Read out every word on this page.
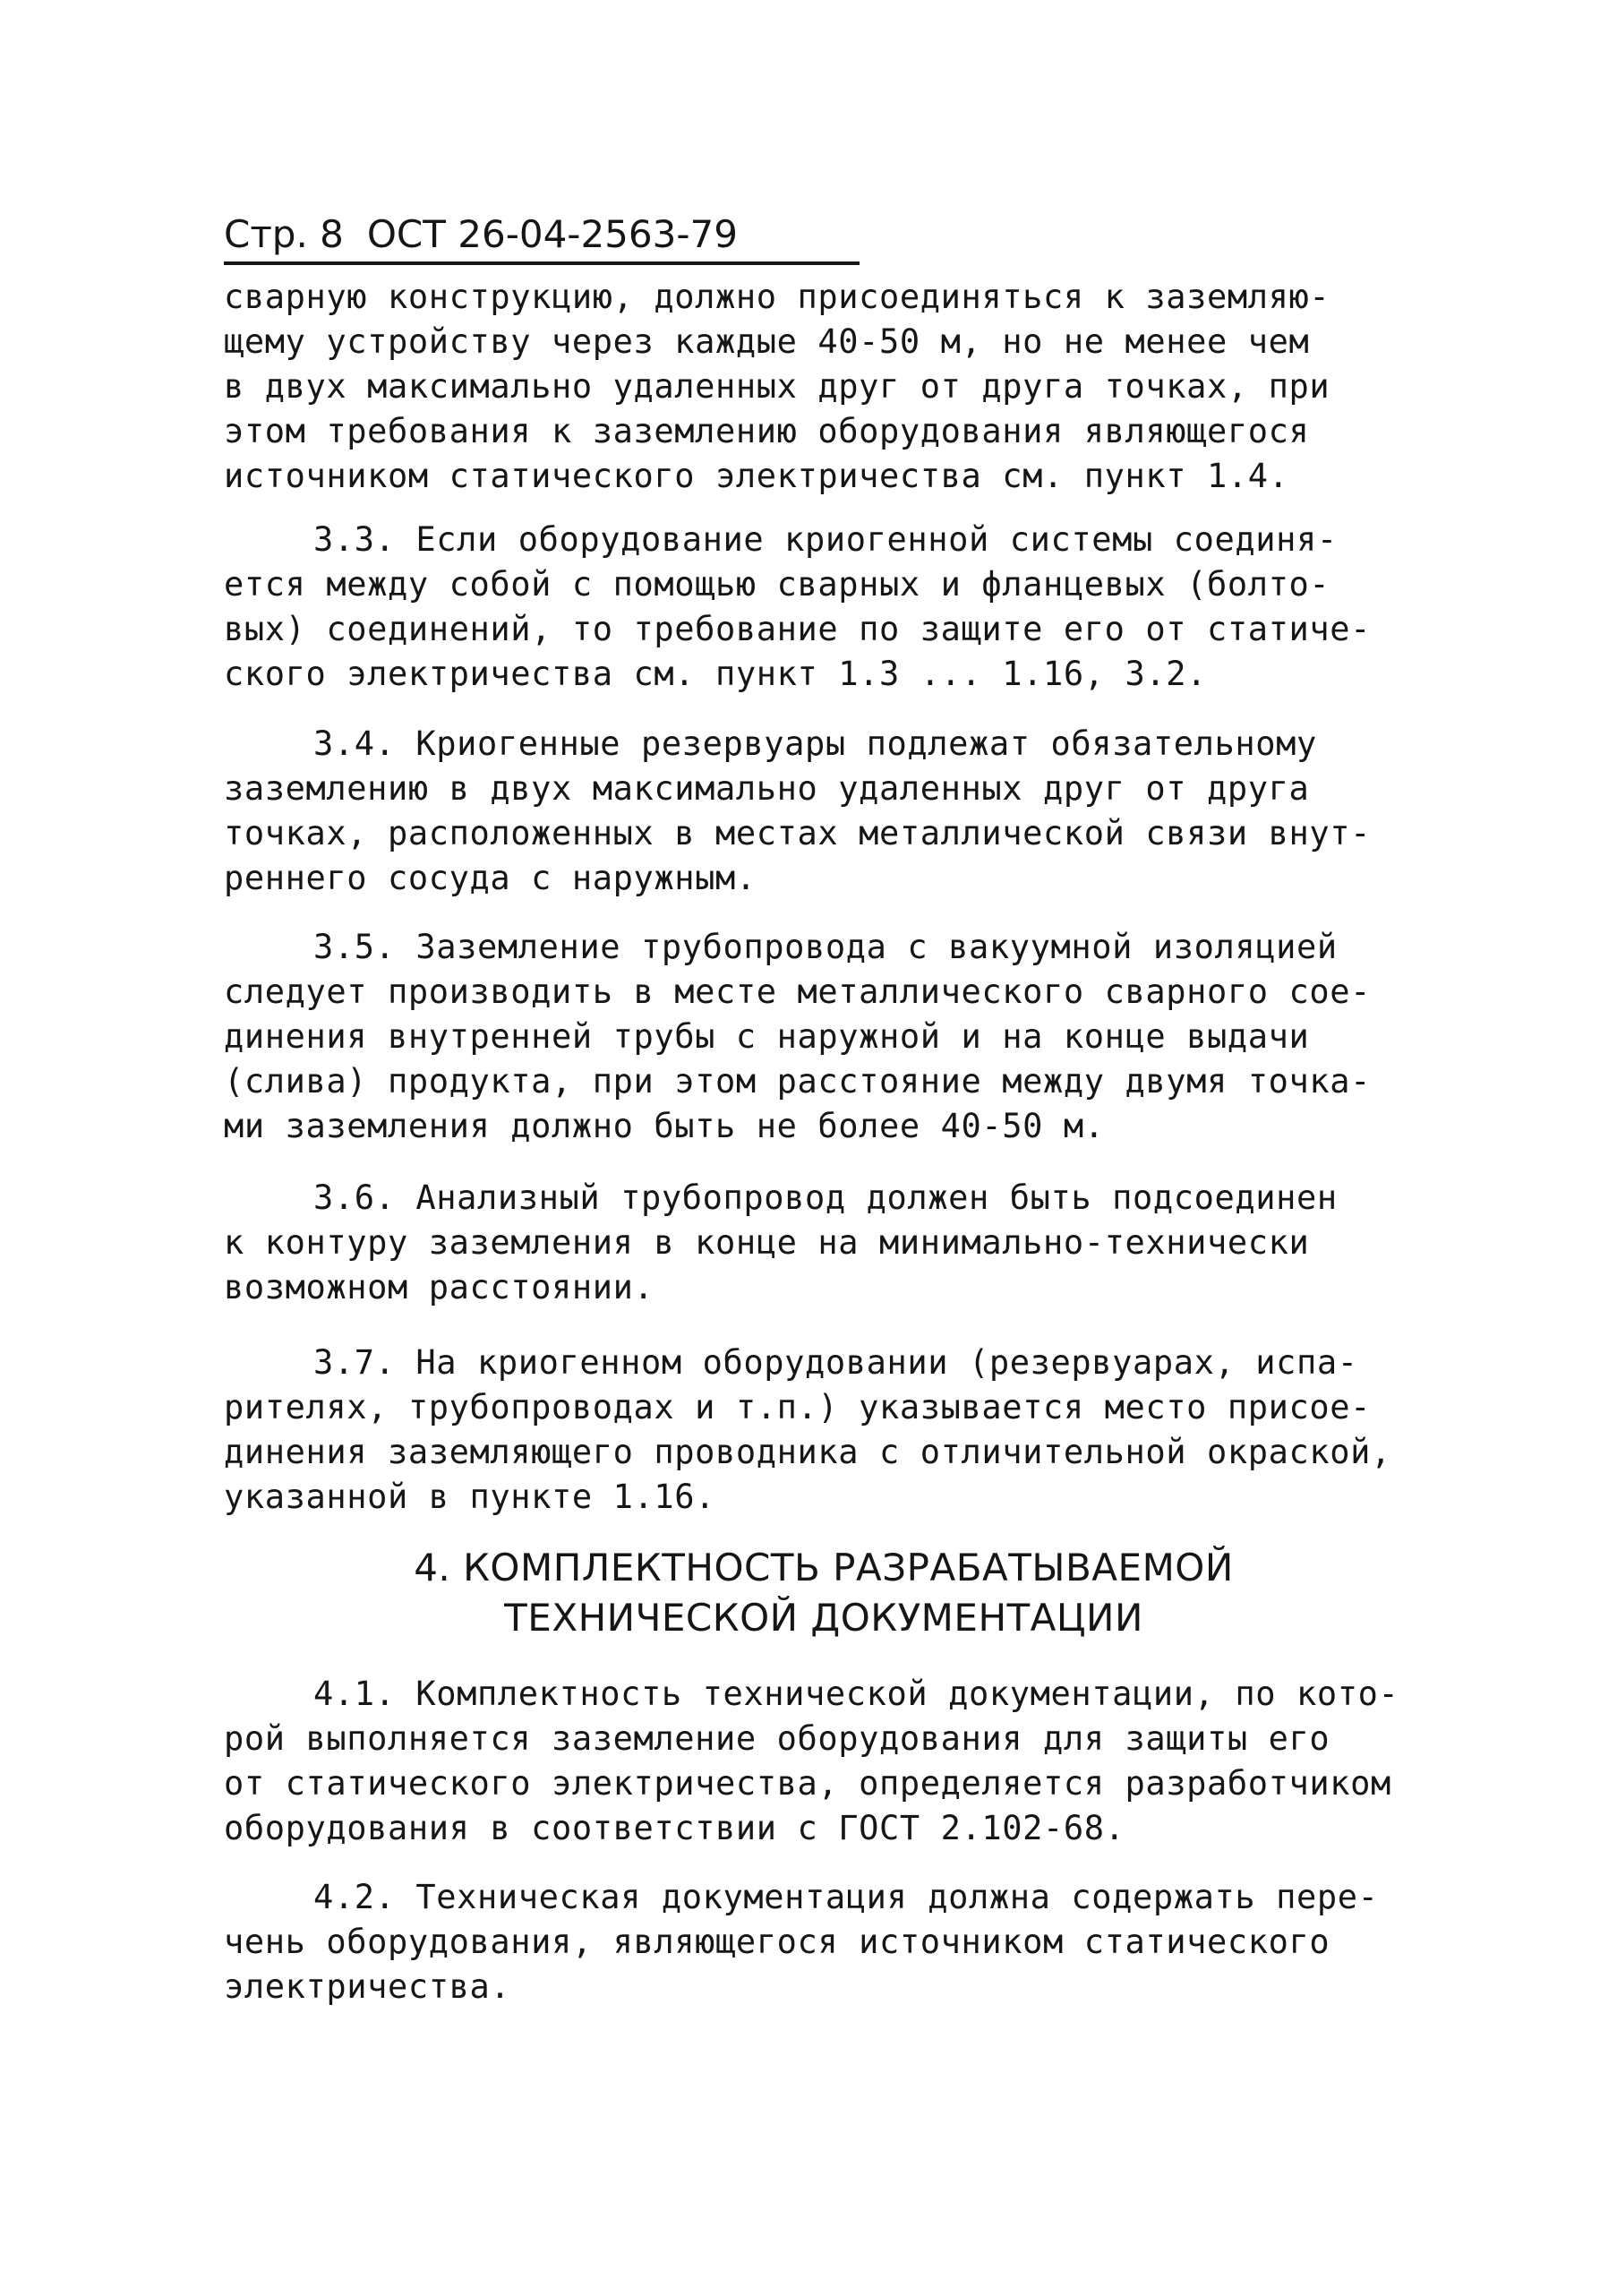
Стр. 8 ОСТ 26-04-2563-79
сварную конструкцию, должно присоединяться к заземляю-
щему устройству через каждые 40-50 м, но не менее чем
в двух максимально удаленных друг от друга точках, при
этом требования к заземлению оборудования являющегося
источником статического электричества см. пункт 1.4.
3.3. Если оборудование криогенной системы соединя-
ется между собой с помощью сварных и фланцевых (болто-
вых) соединений, то требование по защите его от статиче-
ского электричества см. пункт 1.3 ... 1.16, 3.2.
3.4. Криогенные резервуары подлежат обязательному
заземлению в двух максимально удаленных друг от друга
точках, расположенных в местах металлической связи внут-
реннего сосуда с наружным.
3.5. Заземление трубопровода с вакуумной изоляцией
следует производить в месте металлического сварного сое-
динения внутренней трубы с наружной и на конце выдачи
(слива) продукта, при этом расстояние между двумя точка-
ми заземления должно быть не более 40-50 м.
3.6. Анализный трубопровод должен быть подсоединен
к контуру заземления в конце на минимально-технически
возможном расстоянии.
3.7. На криогенном оборудовании (резервуарах, испа-
рителях, трубопроводах и т.п.) указывается место присое-
динения заземляющего проводника с отличительной окраской,
указанной в пункте 1.16.
4. КОМПЛЕКТНОСТЬ РАЗРАБАТЫВАЕМОЙ
ТЕХНИЧЕСКОЙ ДОКУМЕНТАЦИИ
4.1. Комплектность технической документации, по кото-
рой выполняется заземление оборудования для защиты его
от статического электричества, определяется разработчиком
оборудования в соответствии с ГОСТ 2.102-68.
4.2. Техническая документация должна содержать пере-
чень оборудования, являющегося источником статического
электричества.
